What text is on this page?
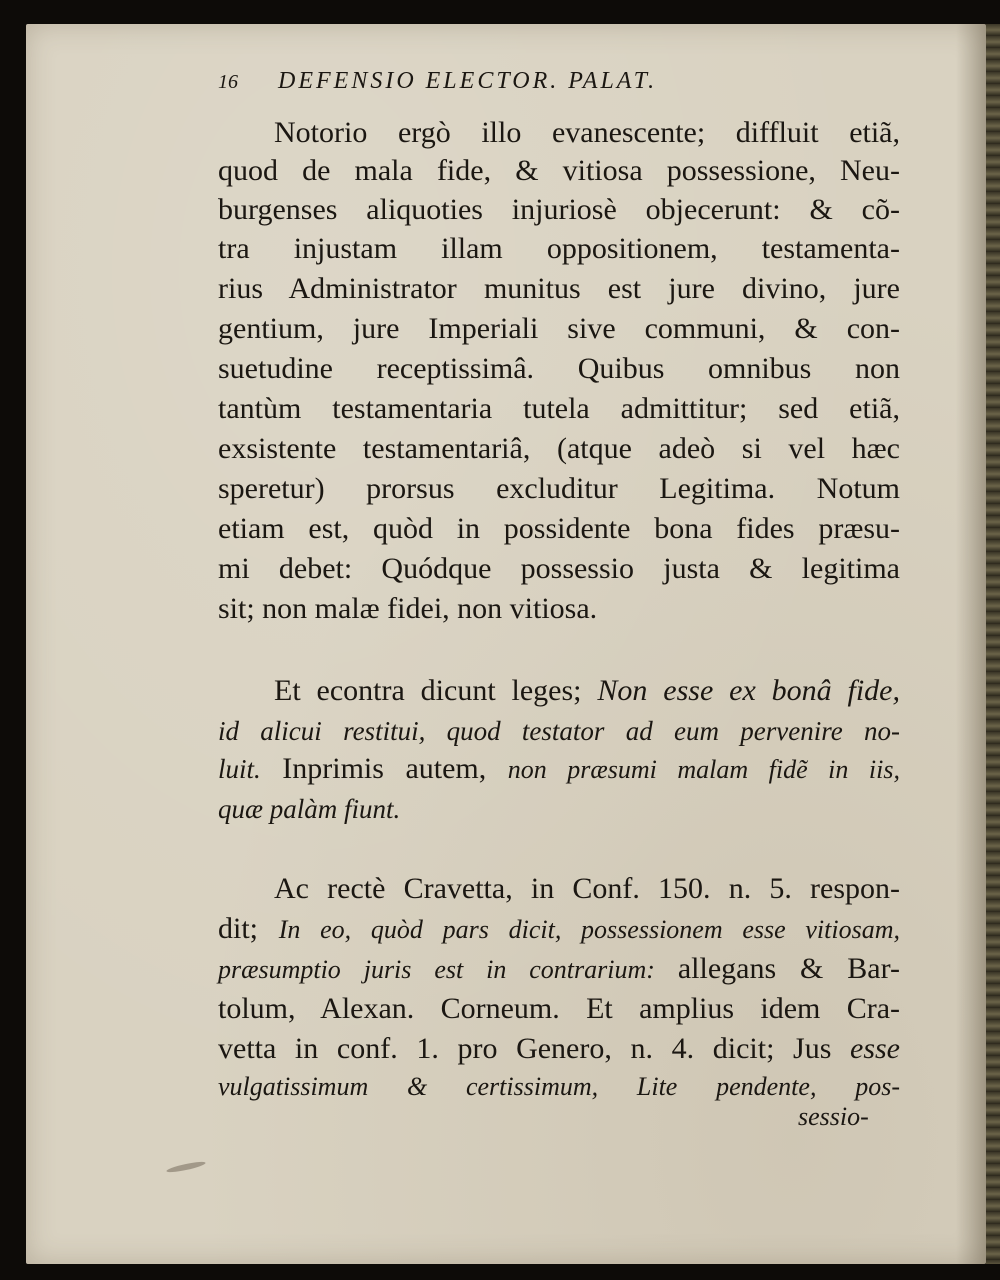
16 DEFENSIO ELECTOR. PALAT.
Notorio ergò illo evanescente; diffluit etiã,
quod de mala fide, & vitiosa possessione, Neu-
burgenses aliquoties injuriosè objecerunt: & cõ-
tra injustam illam oppositionem, testamenta-
rius Administrator munitus est jure divino, jure
gentium, jure Imperiali sive communi, & con-
suetudine receptissimâ. Quibus omnibus non
tantùm testamentaria tutela admittitur; sed etiã,
exsistente testamentariâ, (atque adeò si vel hæc
speretur) prorsus excluditur Legitima. Notum
etiam est, quòd in possidente bona fides præsu-
mi debet: Quódque possessio justa & legitima
sit; non malæ fidei, non vitiosa.
Et econtra dicunt leges; Non esse ex bonâ fide,
id alicui restitui, quod testator ad eum pervenire no-
luit. Inprimis autem, non præsumi malam fidẽ in iis,
quæ palàm fiunt.
Ac rectè Cravetta, in Conf. 150. n. 5. respon-
dit; In eo, quòd pars dicit, possessionem esse vitiosam,
præsumptio juris est in contrarium: allegans & Bar-
tolum, Alexan. Corneum. Et amplius idem Cra-
vetta in conf. 1. pro Genero, n. 4. dicit; Jus esse
vulgatissimum & certissimum, Lite pendente, pos-
sessio-
